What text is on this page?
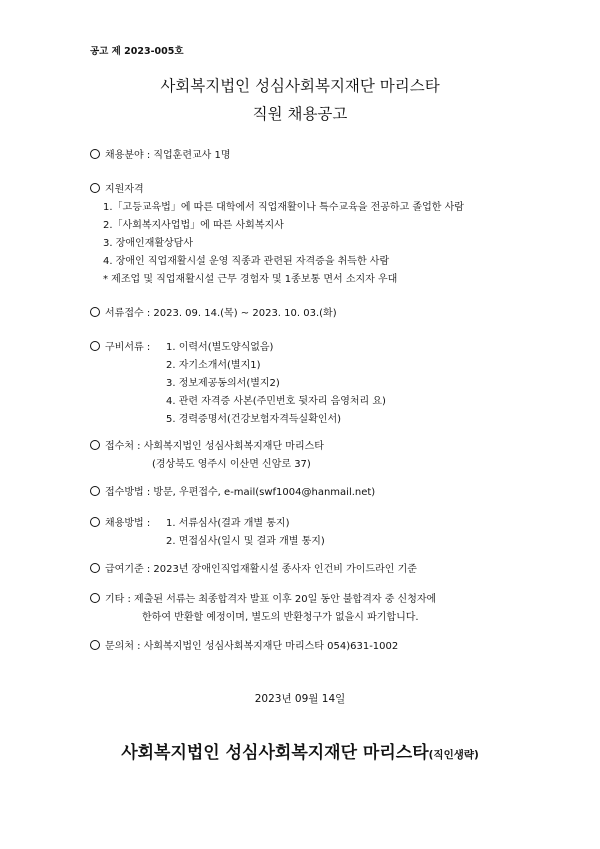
공고 제 2023-005호
사회복지법인 성심사회복지재단 마리스타
직원 채용공고
채용분야 : 직업훈련교사 1명
지원자격
1.「고등교육법」에 따른 대학에서 직업재활이나 특수교육을 전공하고 졸업한 사람
2.「사회복지사업법」에 따른 사회복지사
3. 장애인재활상담사
4. 장애인 직업재활시설 운영 직종과 관련된 자격증을 취득한 사람
* 제조업 및 직업재활시설 근무 경험자 및 1종보통 면서 소지자 우대
서류접수 : 2023. 09. 14.(목) ~ 2023. 10. 03.(화)
구비서류 : 1. 이력서(별도양식없음)
2. 자기소개서(별지1)
3. 정보제공동의서(별지2)
4. 관련 자격증 사본(주민번호 뒷자리 음영처리 요)
5. 경력증명서(건강보험자격득실확인서)
접수처 : 사회복지법인 성심사회복지재단 마리스타
(경상북도 영주시 이산면 신암로 37)
접수방법 : 방문, 우편접수, e-mail(swf1004@hanmail.net)
채용방법 : 1. 서류심사(결과 개별 통지)
2. 면접심사(일시 및 결과 개별 통지)
급여기준 : 2023년 장애인직업재활시설 종사자 인건비 가이드라인 기준
기타 : 제출된 서류는 최종합격자 발표 이후 20일 동안 불합격자 중 신청자에
한하여 반환할 예정이며, 별도의 반환청구가 없을시 파기합니다.
문의처 : 사회복지법인 성심사회복지재단 마리스타 054)631-1002
2023년 09월 14일
사회복지법인 성심사회복지재단 마리스타(직인생략)
